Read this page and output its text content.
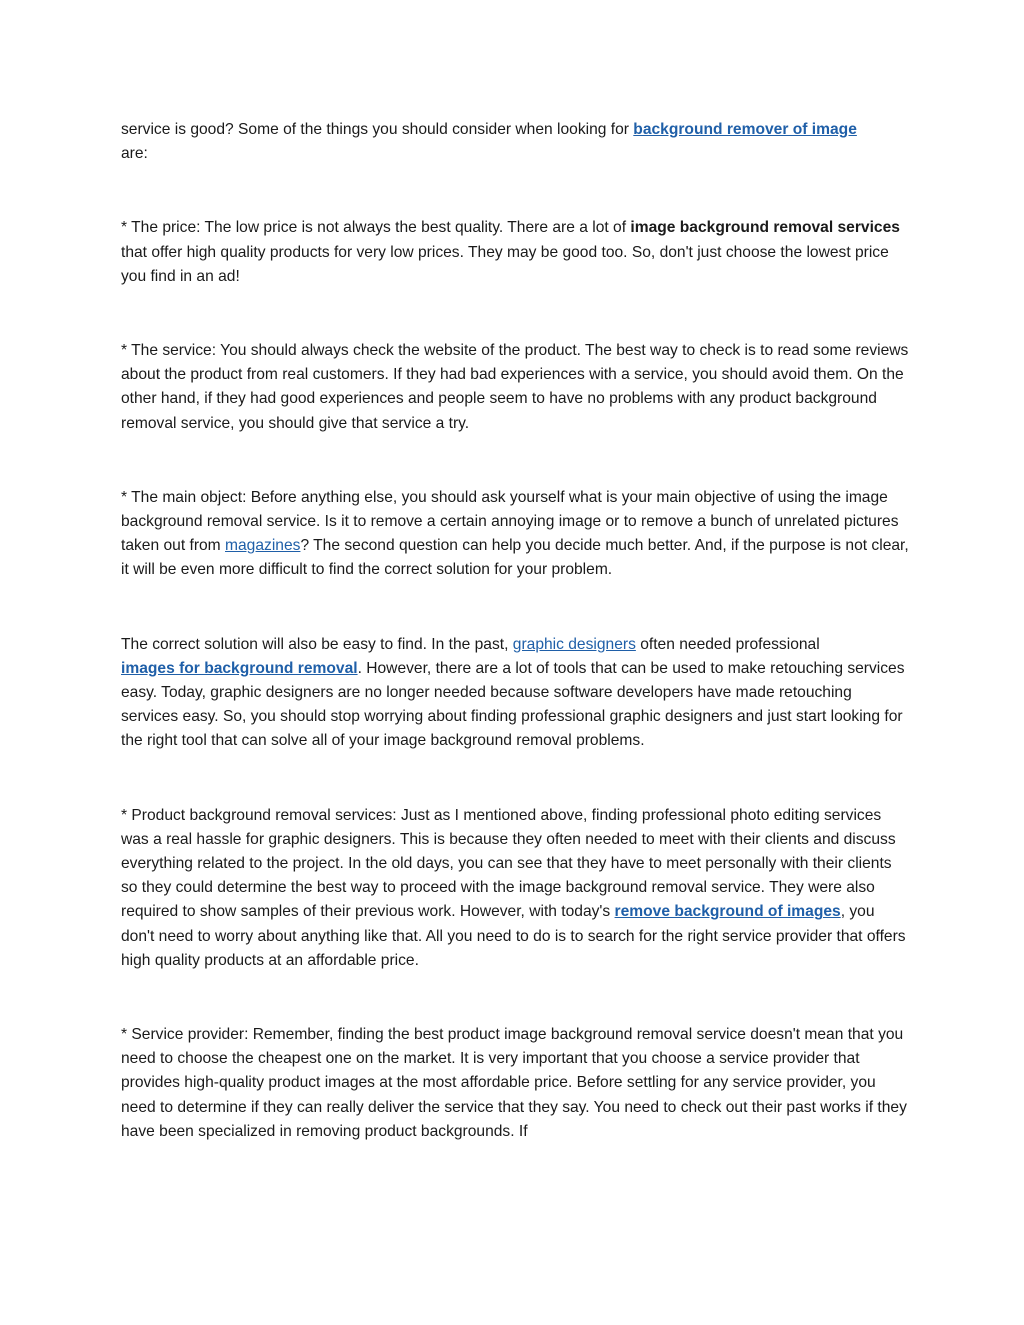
service is good? Some of the things you should consider when looking for background remover of image
are:

* The price: The low price is not always the best quality. There are a lot of image background removal services that offer high quality products for very low prices. They may be good too. So, don't just choose the lowest price you find in an ad!

* The service: You should always check the website of the product. The best way to check is to read some reviews about the product from real customers. If they had bad experiences with a service, you should avoid them. On the other hand, if they had good experiences and people seem to have no problems with any product background removal service, you should give that service a try.

* The main object: Before anything else, you should ask yourself what is your main objective of using the image background removal service. Is it to remove a certain annoying image or to remove a bunch of unrelated pictures taken out from magazines? The second question can help you decide much better. And, if the purpose is not clear, it will be even more difficult to find the correct solution for your problem.

The correct solution will also be easy to find. In the past, graphic designers often needed professional
images for background removal. However, there are a lot of tools that can be used to make retouching services easy. Today, graphic designers are no longer needed because software developers have made retouching services easy. So, you should stop worrying about finding professional graphic designers and just start looking for the right tool that can solve all of your image background removal problems.

* Product background removal services: Just as I mentioned above, finding professional photo editing services was a real hassle for graphic designers. This is because they often needed to meet with their clients and discuss everything related to the project. In the old days, you can see that they have to meet personally with their clients so they could determine the best way to proceed with the image background removal service. They were also required to show samples of their previous work. However, with today's remove background of images, you don't need to worry about anything like that. All you need to do is to search for the right service provider that offers high quality products at an affordable price.

* Service provider: Remember, finding the best product image background removal service doesn't mean that you need to choose the cheapest one on the market. It is very important that you choose a service provider that provides high-quality product images at the most affordable price. Before settling for any service provider, you need to determine if they can really deliver the service that they say. You need to check out their past works if they have been specialized in removing product backgrounds. If
